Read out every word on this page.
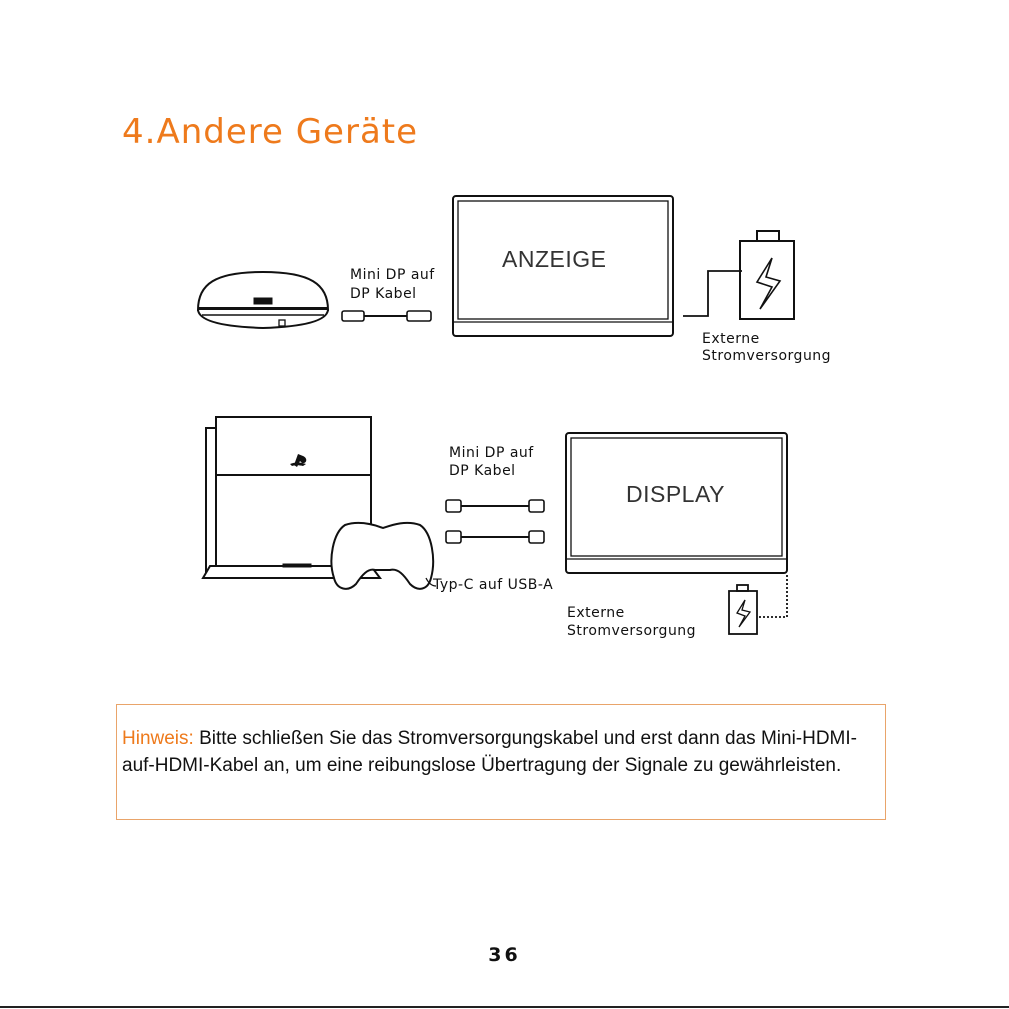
4.Andere Geräte
Mini DP auf
DP Kabel
ANZEIGE
Externe
Stromversorgung
Mini DP auf
DP Kabel
DISPLAY
Typ-C auf USB-A
Externe
Stromversorgung
Hinweis: Bitte schließen Sie das Stromversorgungskabel und erst dann das Mini-HDMI-auf-HDMI-Kabel an, um eine reibungslose Übertragung der Signale zu gewährleisten.
36
